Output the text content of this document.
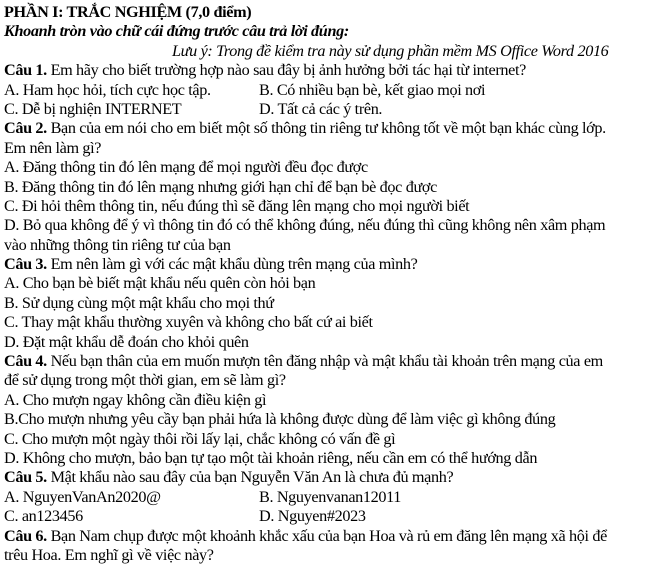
PHẦN I: TRẮC NGHIỆM (7,0 điểm)
Khoanh tròn vào chữ cái đứng trước câu trả lời đúng:
Lưu ý: Trong đề kiểm tra này sử dụng phần mềm MS Office Word 2016
Câu 1. Em hãy cho biết trường hợp nào sau đây bị ảnh hưởng bởi tác hại từ internet?
A. Ham học hỏi, tích cực học tập.	B. Có nhiều bạn bè, kết giao mọi nơi
C. Dễ bị nghiện INTERNET	D. Tất cả các ý trên.
Câu 2. Bạn của em nói cho em biết một số thông tin riêng tư không tốt về một bạn khác cùng lớp.
Em nên làm gì?
A. Đăng thông tin đó lên mạng để mọi người đều đọc được
B. Đăng thông tin đó lên mạng nhưng giới hạn chỉ để bạn bè đọc được
C. Đi hỏi thêm thông tin, nếu đúng thì sẽ đăng lên mạng cho mọi người biết
D. Bỏ qua không để ý vì thông tin đó có thể không đúng, nếu đúng thì cũng không nên xâm phạm
vào những thông tin riêng tư của bạn
Câu 3. Em nên làm gì với các mật khẩu dùng trên mạng của mình?
A. Cho bạn bè biết mật khẩu nếu quên còn hỏi bạn
B. Sử dụng cùng một mật khẩu cho mọi thứ
C. Thay mật khẩu thường xuyên và không cho bất cứ ai biết
D. Đặt mật khẩu dễ đoán cho khỏi quên
Câu 4. Nếu bạn thân của em muốn mượn tên đăng nhập và mật khẩu tài khoản trên mạng của em
để sử dụng trong một thời gian, em sẽ làm gì?
A. Cho mượn ngay không cần điều kiện gì
B.Cho mượn nhưng yêu cầy bạn phải hứa là không được dùng để làm việc gì không đúng
C. Cho mượn một ngày thôi rồi lấy lại, chắc không có vấn đề gì
D. Không cho mượn, bảo bạn tự tạo một tài khoản riêng, nếu cần em có thể hướng dẫn
Câu 5. Mật khẩu nào sau đây của bạn Nguyễn Văn An là chưa đủ mạnh?
A. NguyenVanAn2020@	B. Nguyenvanan12011
C. an123456	D. Nguyen#2023
Câu 6. Bạn Nam chụp được một khoảnh khắc xấu của bạn Hoa và rủ em đăng lên mạng xã hội để
trêu Hoa. Em nghĩ gì về việc này?
